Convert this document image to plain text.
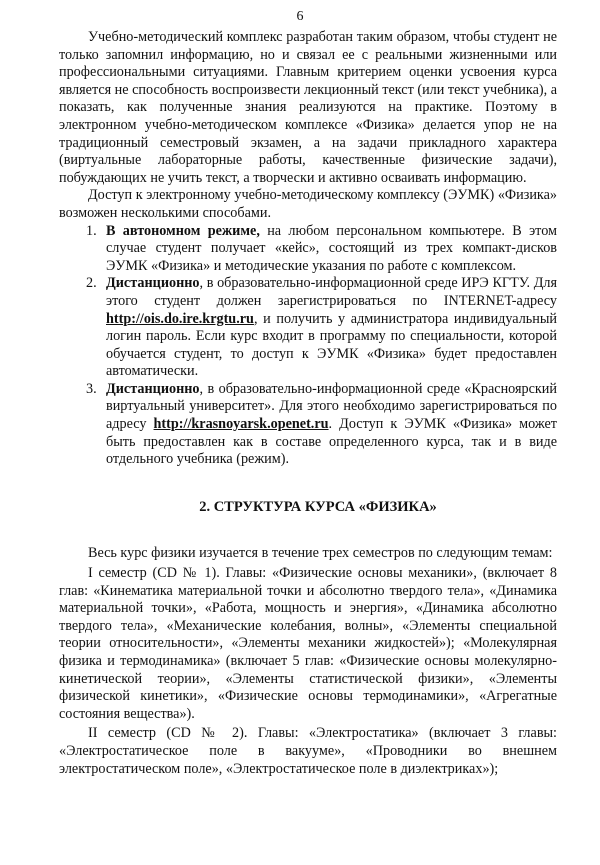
6

Учебно-методический комплекс разработан таким образом, чтобы студент не только запомнил информацию, но и связал ее с реальными жизненными или профессиональными ситуациями. Главным критерием оценки усвоения курса является не способность воспроизвести лекционный текст (или текст учебника), а показать, как полученные знания реализуются на практике. Поэтому в электронном учебно-методическом комплексе «Физика» делается упор не на традиционный семестровый экзамен, а на задачи прикладного характера (виртуальные лабораторные работы, качественные физические задачи), побуждающих не учить текст, а творчески и активно осваивать информацию.

Доступ к электронному учебно-методическому комплексу (ЭУМК) «Физика» возможен несколькими способами.

1. В автономном режиме, на любом персональном компьютере. В этом случае студент получает «кейс», состоящий из трех компакт-дисков ЭУМК «Физика» и методические указания по работе с комплексом.
2. Дистанционно, в образовательно-информационной среде ИРЭ КГТУ. Для этого студент должен зарегистрироваться по INTERNET-адресу http://ois.do.ire.krgtu.ru, и получить у администратора индивидуальный логин пароль. Если курс входит в программу по специальности, которой обучается студент, то доступ к ЭУМК «Физика» будет предоставлен автоматически.
3. Дистанционно, в образовательно-информационной среде «Красноярский виртуальный университет». Для этого необходимо зарегистрироваться по адресу http://krasnoyarsk.openet.ru. Доступ к ЭУМК «Физика» может быть предоставлен как в составе определенного курса, так и в виде отдельного учебника (режим).
2. СТРУКТУРА КУРСА «ФИЗИКА»

Весь курс физики изучается в течение трех семестров по следующим темам:

I семестр (CD № 1). Главы: «Физические основы механики», (включает 8 глав: «Кинематика материальной точки и абсолютно твердого тела», «Динамика материальной точки», «Работа, мощность и энергия», «Динамика абсолютно твердого тела», «Механические колебания, волны», «Элементы специальной теории относительности», «Элементы механики жидкостей»); «Молекулярная физика и термодинамика» (включает 5 глав: «Физические основы молекулярно-кинетической теории», «Элементы статистической физики», «Элементы физической кинетики», «Физические основы термодинамики», «Агрегатные состояния вещества»).

II семестр (CD № 2). Главы: «Электростатика» (включает 3 главы: «Электростатическое поле в вакууме», «Проводники во внешнем электростатическом поле», «Электростатическое поле в диэлектриках»);
